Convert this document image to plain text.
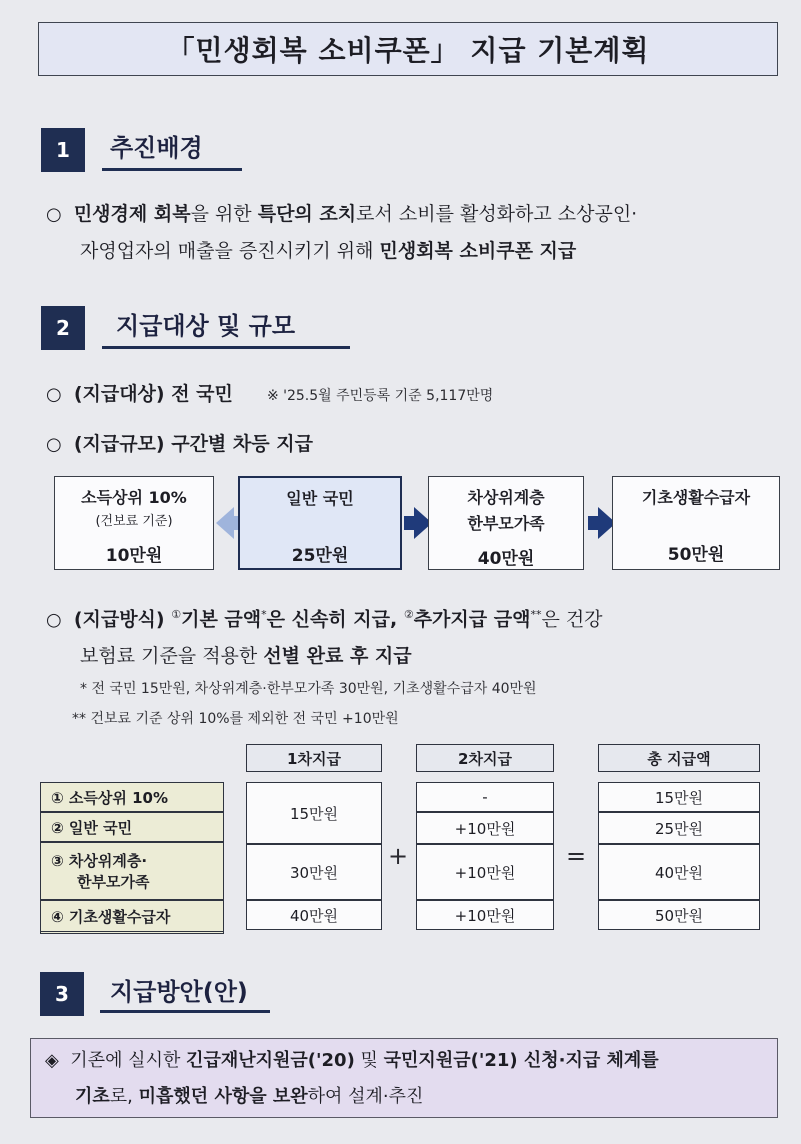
「민생회복 소비쿠폰」 지급 기본계획
1 추진배경
○ 민생경제 회복을 위한 특단의 조치로서 소비를 활성화하고 소상공인·
자영업자의 매출을 증진시키기 위해 민생회복 소비쿠폰 지급
2 지급대상 및 규모
○ (지급대상) 전 국민 ※ '25.5월 주민등록 기준 5,117만명
○ (지급규모) 구간별 차등 지급
소득상위 10%
(건보료 기준)
10만원
일반 국민
25만원
차상위계층
한부모가족
40만원
기초생활수급자
50만원
○ (지급방식) ①기본 금액*은 신속히 지급, ②추가지급 금액**은 건강
보험료 기준을 적용한 선별 완료 후 지급
* 전 국민 15만원, 차상위계층·한부모가족 30만원, 기초생활수급자 40만원
** 건보료 기준 상위 10%를 제외한 전 국민 +10만원
1차지급	2차지급	총 지급액
① 소득상위 10%
② 일반 국민
③ 차상위계층·
한부모가족
④ 기초생활수급자
15만원
30만원
40만원
+
-
+10만원
+10만원
+10만원
=
15만원
25만원
40만원
50만원
3 지급방안(안)
◈ 기존에 실시한 긴급재난지원금('20) 및 국민지원금('21) 신청·지급 체계를
기초로, 미흡했던 사항을 보완하여 설계·추진
